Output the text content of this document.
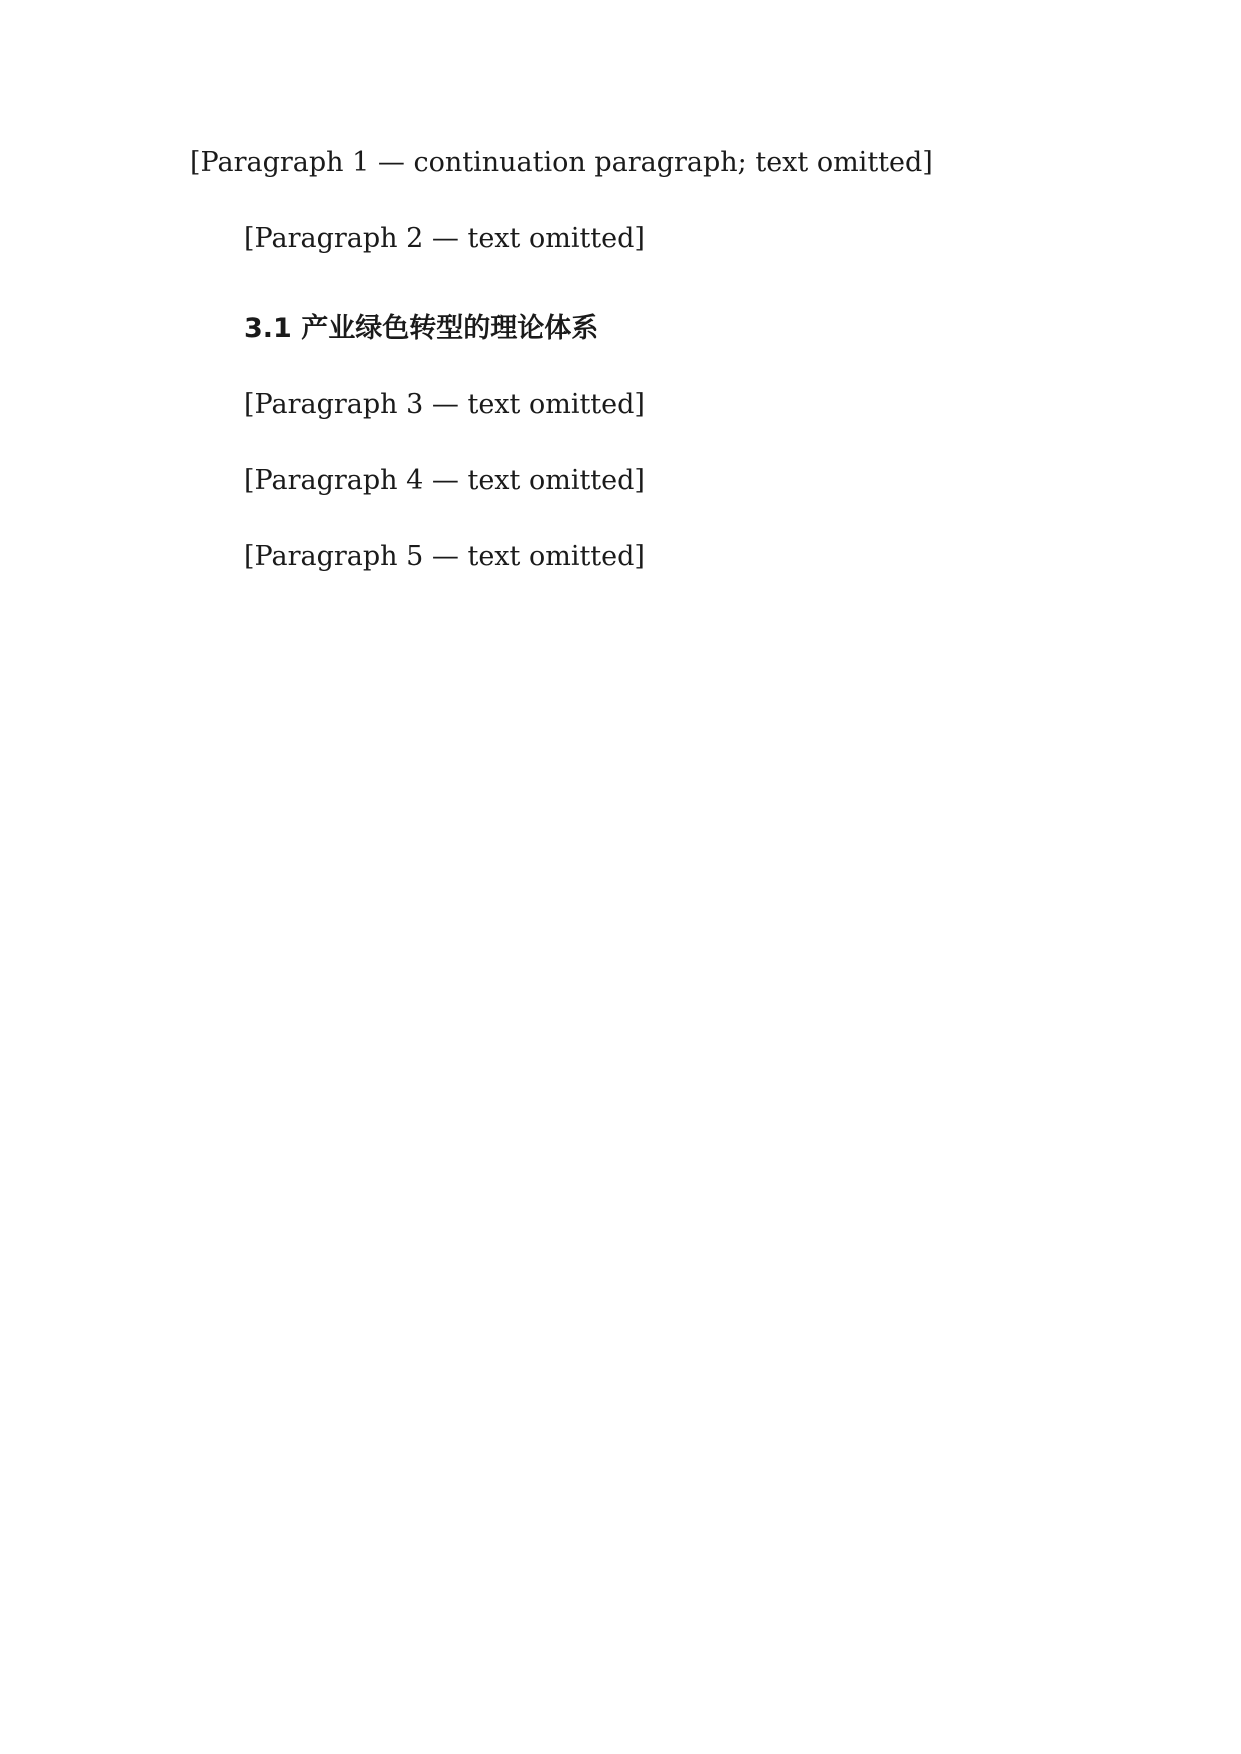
[Paragraph 1 — continuation paragraph; text omitted]

[Paragraph 2 — text omitted]

3.1 产业绿色转型的理论体系

[Paragraph 3 — text omitted]

[Paragraph 4 — text omitted]

[Paragraph 5 — text omitted]
